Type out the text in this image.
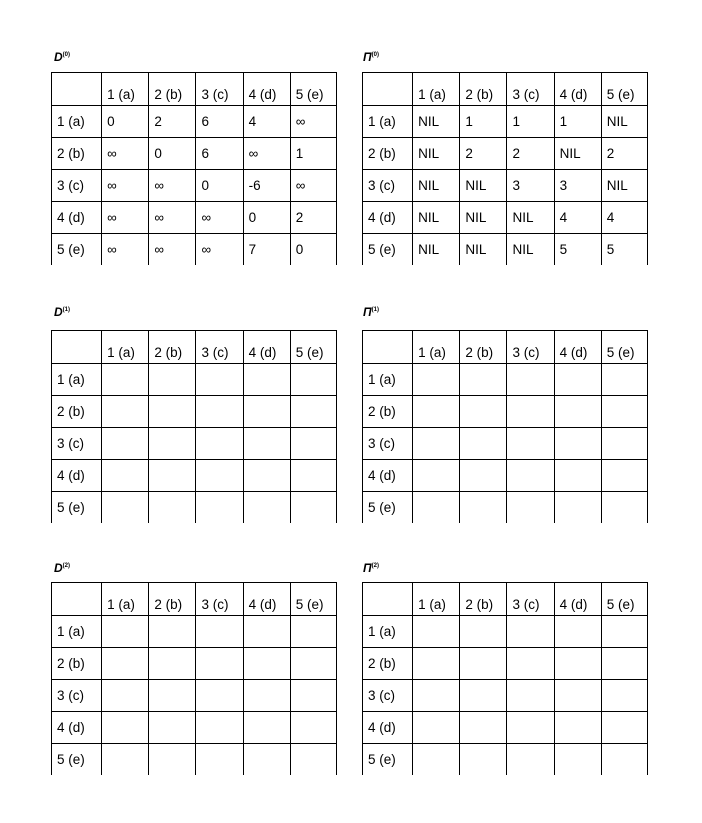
$D^{(0)}$
	1 (a)	2 (b)	3 (c)	4 (d)	5 (e)
1 (a)	0	2	6	4	∞
2 (b)	∞	0	6	∞	1
3 (c)	∞	∞	0	-6	∞
4 (d)	∞	∞	∞	0	2
5 (e)	∞	∞	∞	7	0
$\Pi^{(0)}$
	1 (a)	2 (b)	3 (c)	4 (d)	5 (e)
1 (a)	NIL	1	1	1	NIL
2 (b)	NIL	2	2	NIL	2
3 (c)	NIL	NIL	3	3	NIL
4 (d)	NIL	NIL	NIL	4	4
5 (e)	NIL	NIL	NIL	5	5
$D^{(1)}$
	1 (a)	2 (b)	3 (c)	4 (d)	5 (e)
1 (a)					
2 (b)					
3 (c)					
4 (d)					
5 (e)					
$\Pi^{(1)}$
	1 (a)	2 (b)	3 (c)	4 (d)	5 (e)
1 (a)					
2 (b)					
3 (c)					
4 (d)					
5 (e)					
$D^{(2)}$
	1 (a)	2 (b)	3 (c)	4 (d)	5 (e)
1 (a)					
2 (b)					
3 (c)					
4 (d)					
5 (e)					
$\Pi^{(2)}$
	1 (a)	2 (b)	3 (c)	4 (d)	5 (e)
1 (a)					
2 (b)					
3 (c)					
4 (d)					
5 (e)					
